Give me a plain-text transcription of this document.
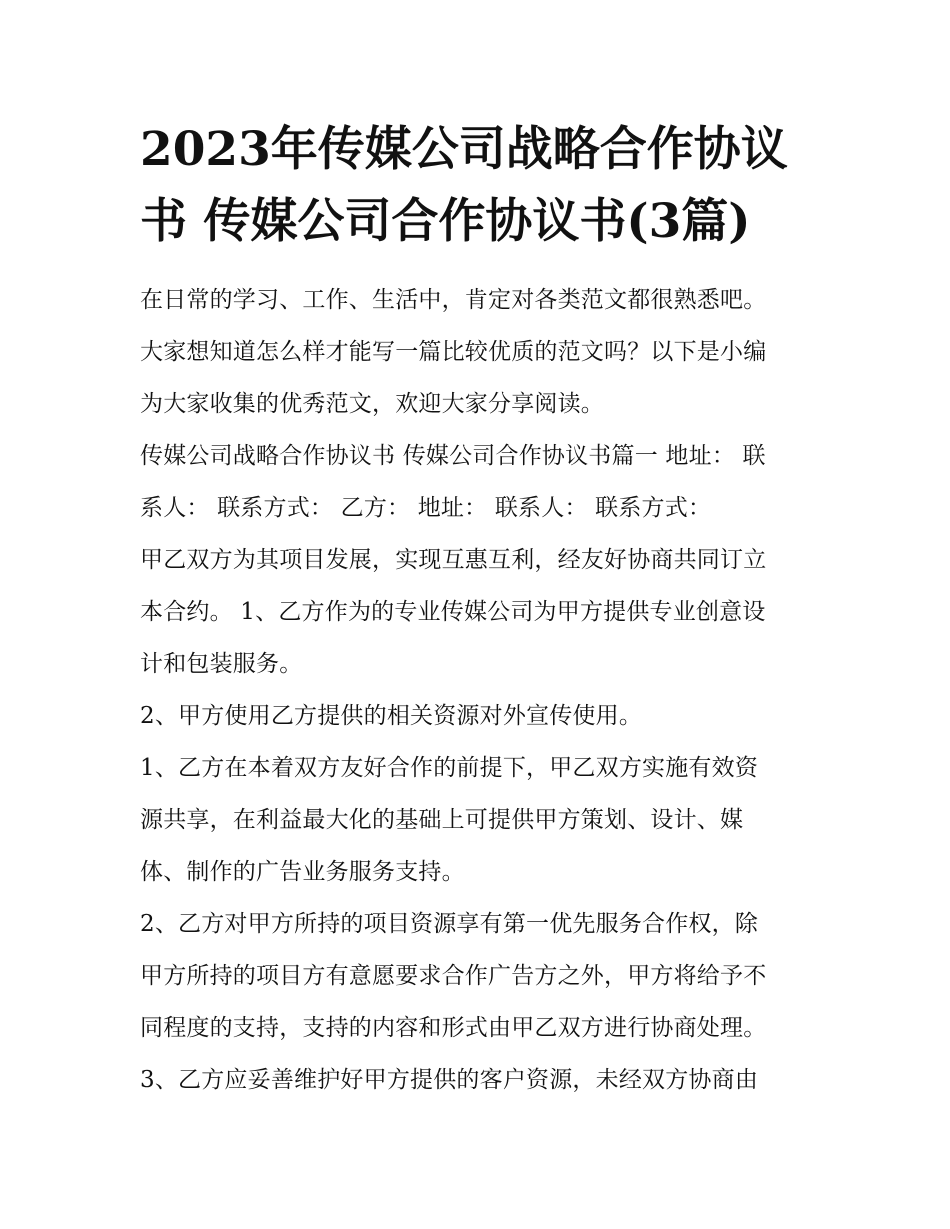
2023年传媒公司战略合作协议
书 传媒公司合作协议书(3篇)
在日常的学习、工作、生活中，肯定对各类范文都很熟悉吧。
大家想知道怎么样才能写一篇比较优质的范文吗？以下是小编
为大家收集的优秀范文，欢迎大家分享阅读。
传媒公司战略合作协议书 传媒公司合作协议书篇一 地址： 联
系人： 联系方式： 乙方： 地址： 联系人： 联系方式：
甲乙双方为其项目发展，实现互惠互利，经友好协商共同订立
本合约。 1、乙方作为的专业传媒公司为甲方提供专业创意设
计和包装服务。
2、甲方使用乙方提供的相关资源对外宣传使用。
1、乙方在本着双方友好合作的前提下，甲乙双方实施有效资
源共享，在利益最大化的基础上可提供甲方策划、设计、媒
体、制作的广告业务服务支持。
2、乙方对甲方所持的项目资源享有第一优先服务合作权，除
甲方所持的项目方有意愿要求合作广告方之外，甲方将给予不
同程度的支持，支持的内容和形式由甲乙双方进行协商处理。
3、乙方应妥善维护好甲方提供的客户资源，未经双方协商由
